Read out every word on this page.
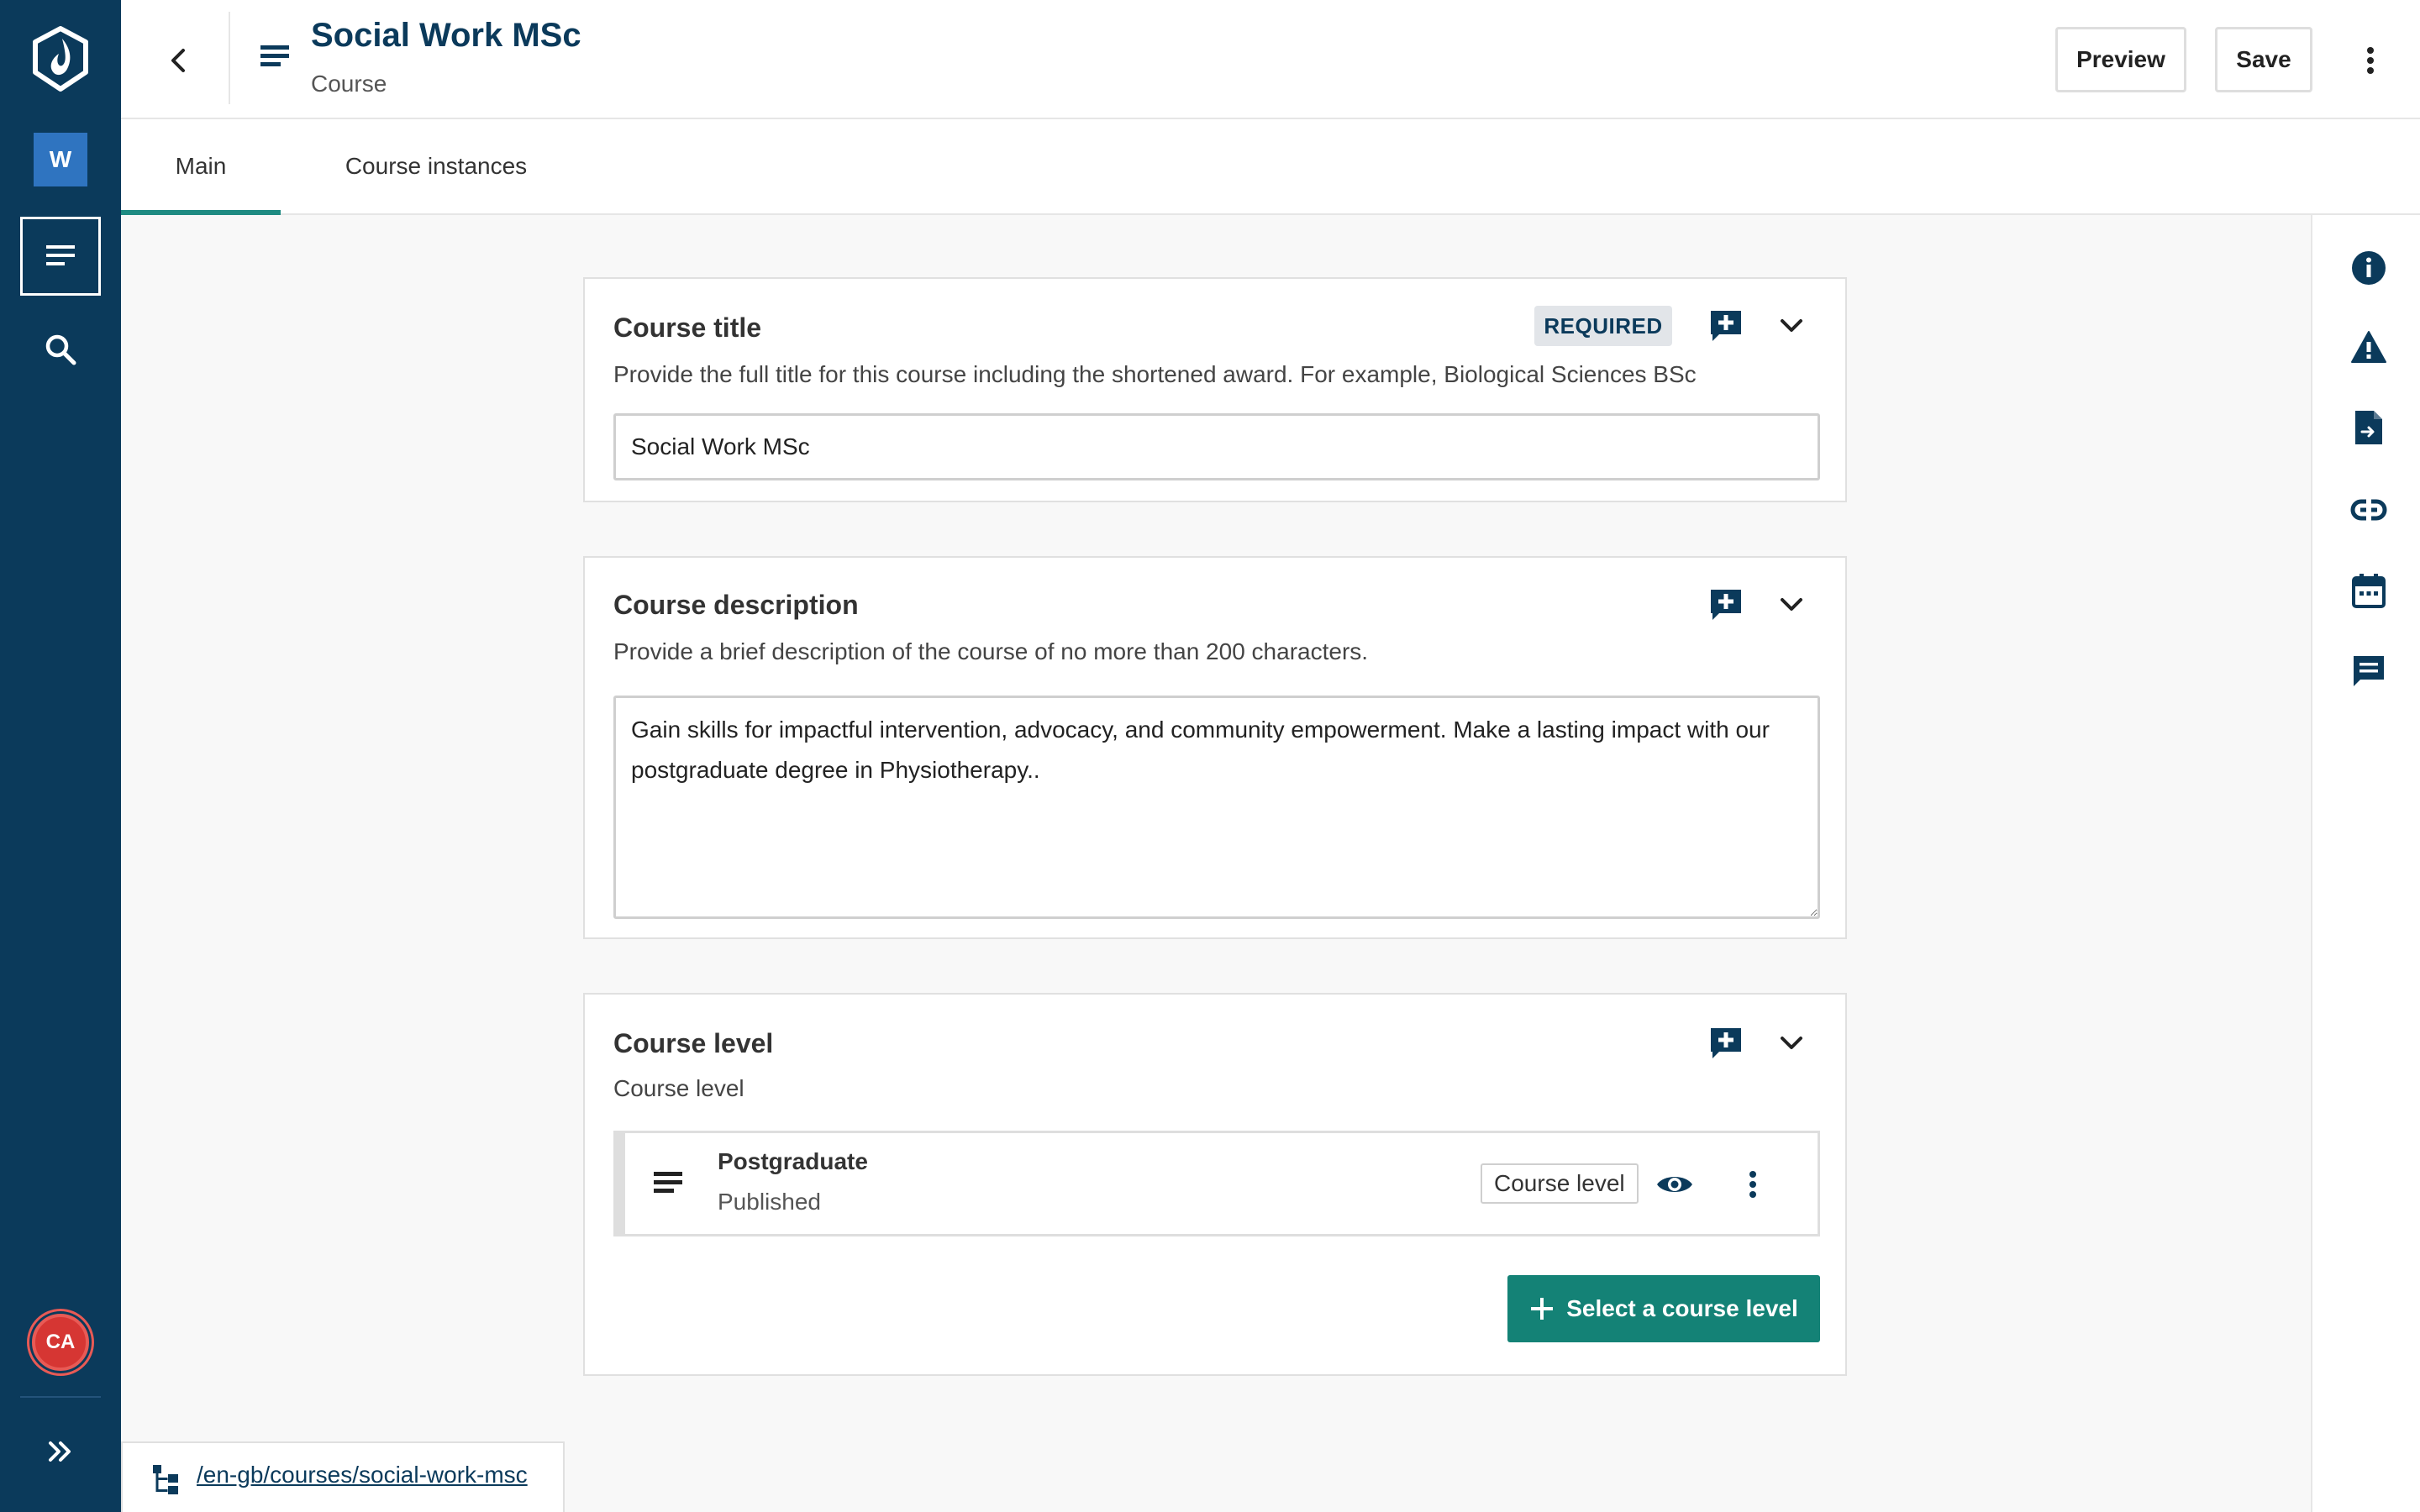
W
CA
Social Work MSc
Course
Preview	Save
Main	Course instances
Course title	REQUIRED
Provide the full title for this course including the shortened award. For example, Biological Sciences BSc
Social Work MSc
Course description
Provide a brief description of the course of no more than 200 characters.
Gain skills for impactful intervention, advocacy, and community empowerment. Make a lasting impact with our postgraduate degree in Physiotherapy..
Course level
Course level
Postgraduate
Published
Course level
Select a course level
/en-gb/courses/social-work-msc
